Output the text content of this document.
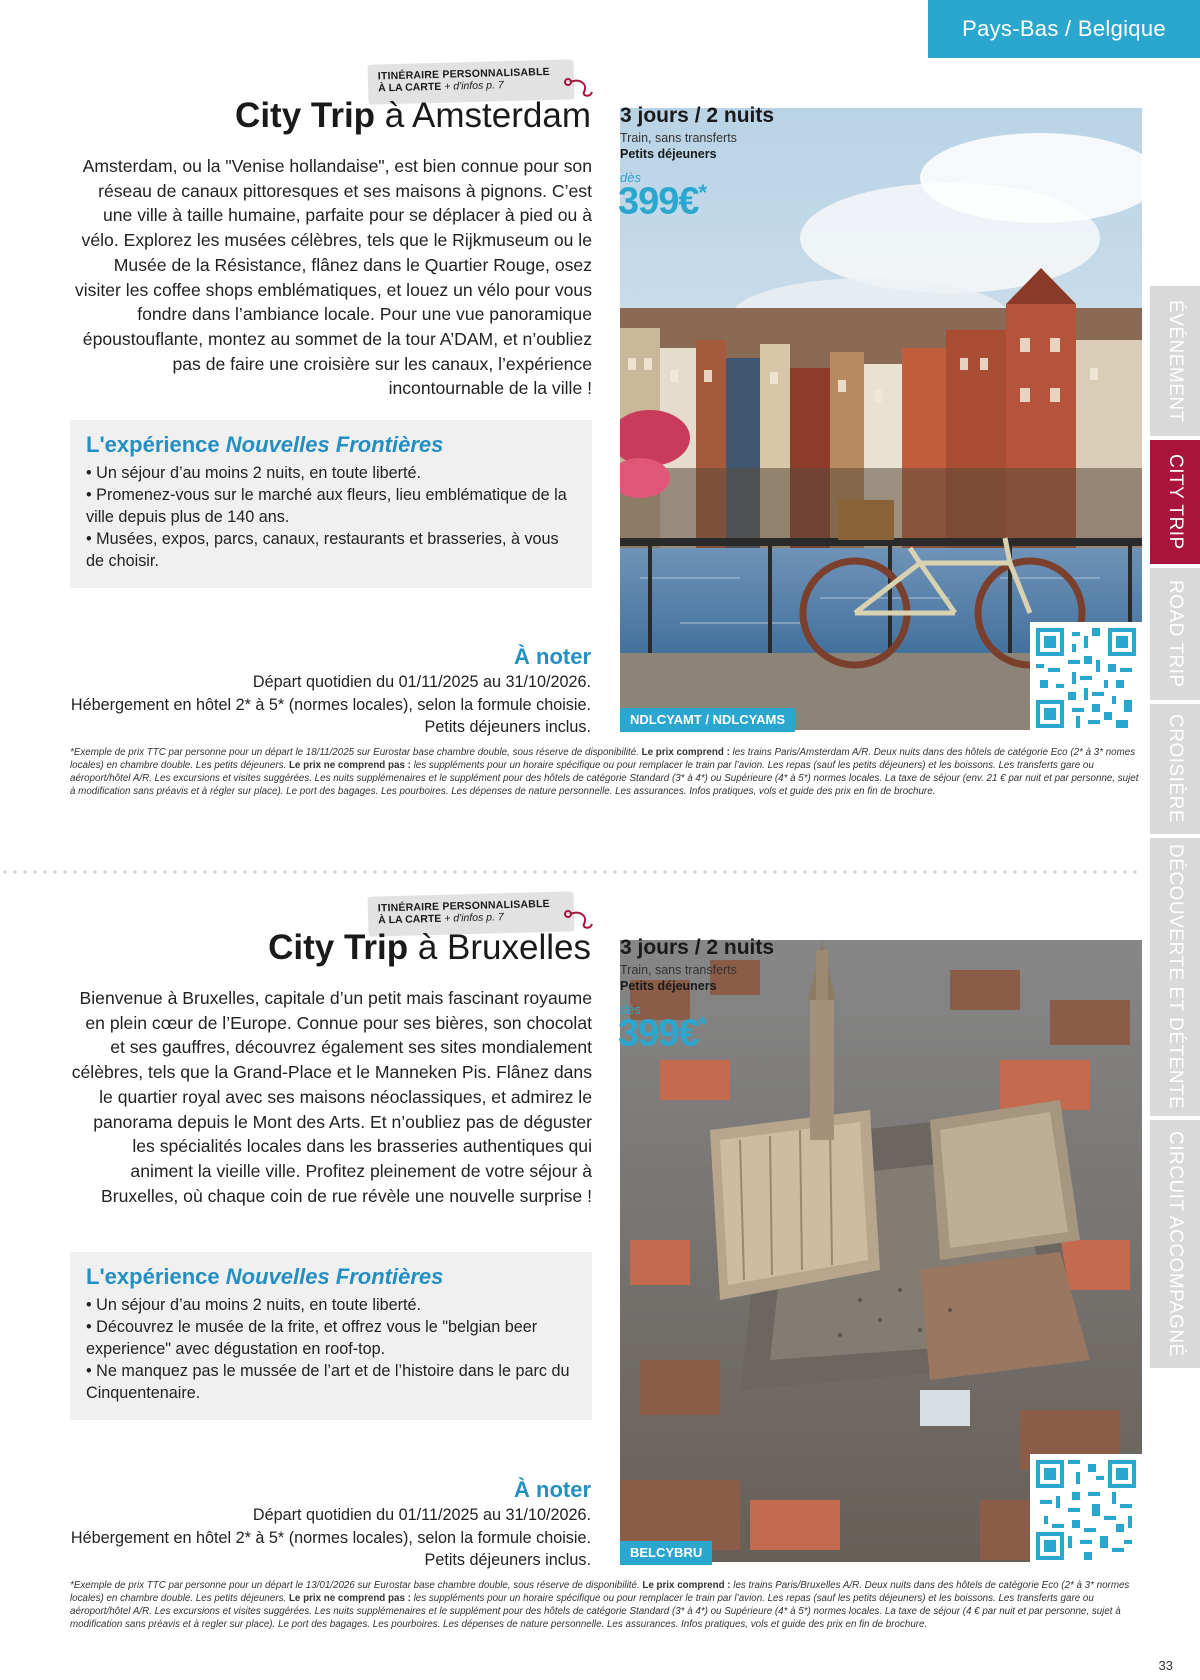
Pays-Bas / Belgique
ÉVÉNEMENT
CITY TRIP
ROAD TRIP
CROISIÈRE
DÉCOUVERTE ET DÉTENTE
CIRCUIT ACCOMPAGNÉ
ITINÉRAIRE PERSONNALISABLE
À LA CARTE + d'infos p. 7
City Trip à Amsterdam
Amsterdam, ou la "Venise hollandaise", est bien connue pour son réseau de canaux pittoresques et ses maisons à pignons. C’est une ville à taille humaine, parfaite pour se déplacer à pied ou à vélo. Explorez les musées célèbres, tels que le Rijkmuseum ou le Musée de la Résistance, flânez dans le Quartier Rouge, osez visiter les coffee shops emblématiques, et louez un vélo pour vous fondre dans l’ambiance locale. Pour une vue panoramique époustouflante, montez au sommet de la tour A’DAM, et n’oubliez pas de faire une croisière sur les canaux, l’expérience incontournable de la ville !
L'expérience Nouvelles Frontières
• Un séjour d’au moins 2 nuits, en toute liberté.
• Promenez-vous sur le marché aux fleurs, lieu emblématique de la ville depuis plus de 140 ans.
• Musées, expos, parcs, canaux, restaurants et brasseries, à vous de choisir.
À noter
Départ quotidien du 01/11/2025 au 31/10/2026.
Hébergement en hôtel 2* à 5* (normes locales), selon la formule choisie.
Petits déjeuners inclus.	NDLCYAMT / NDLCYAMS
3 jours / 2 nuits
Train, sans transferts
Petits déjeuners
dès
399€*
*Exemple de prix TTC par personne pour un départ le 18/11/2025 sur Eurostar base chambre double, sous réserve de disponibilité. Le prix comprend : les trains Paris/Amsterdam A/R. Deux nuits dans des hôtels de catégorie Eco (2* à 3* nomes locales) en chambre double. Les petits déjeuners. Le prix ne comprend pas : les suppléments pour un horaire spécifique ou pour remplacer le train par l’avion. Les repas (sauf les petits déjeuners) et les boissons. Les transferts gare ou aéroport/hôtel A/R. Les excursions et visites suggérées. Les nuits supplémenaires et le supplément pour des hôtels de catégorie Standard (3* à 4*) ou Supérieure (4* à 5*) normes locales. La taxe de séjour (env. 21 € par nuit et par personne, sujet à modification sans préavis et à régler sur place). Le port des bagages. Les pourboires. Les dépenses de nature personnelle. Les assurances. Infos pratiques, vols et guide des prix en fin de brochure.
ITINÉRAIRE PERSONNALISABLE
À LA CARTE + d'infos p. 7
City Trip à Bruxelles
Bienvenue à Bruxelles, capitale d’un petit mais fascinant royaume en plein cœur de l’Europe. Connue pour ses bières, son chocolat et ses gauffres, découvrez également ses sites mondialement célèbres, tels que la Grand-Place et le Manneken Pis. Flânez dans le quartier royal avec ses maisons néoclassiques, et admirez le panorama depuis le Mont des Arts. Et n’oubliez pas de déguster les spécialités locales dans les brasseries authentiques qui animent la vieille ville. Profitez pleinement de votre séjour à Bruxelles, où chaque coin de rue révèle une nouvelle surprise !
L'expérience Nouvelles Frontières
• Un séjour d’au moins 2 nuits, en toute liberté.
• Découvrez le musée de la frite, et offrez vous le "belgian beer experience" avec dégustation en roof-top.
• Ne manquez pas le mussée de l’art et de l’histoire dans le parc du Cinquentenaire.
À noter
Départ quotidien du 01/11/2025 au 31/10/2026.
Hébergement en hôtel 2* à 5* (normes locales), selon la formule choisie.
Petits déjeuners inclus.	BELCYBRU
3 jours / 2 nuits
Train, sans transferts
Petits déjeuners
dès
399€*
*Exemple de prix TTC par personne pour un départ le 13/01/2026 sur Eurostar base chambre double, sous réserve de disponibilité. Le prix comprend : les trains Paris/Bruxelles A/R. Deux nuits dans des hôtels de catégorie Eco (2* à 3* normes locales) en chambre double. Les petits déjeuners. Le prix ne comprend pas : les suppléments pour un horaire spécifique ou pour remplacer le train par l’avion. Les repas (sauf les petits déjeuners) et les boissons. Les transferts gare ou aéroport/hôtel A/R. Les excursions et visites suggérées. Les nuits supplémenaires et le supplément pour des hôtels de catégorie Standard (3* à 4*) ou Supérieure (4* à 5*) normes locales. La taxe de séjour (4 € par nuit et par personne, sujet à modification sans préavis et à regler sur place). Le port des bagages. Les pourboires. Les dépenses de nature personnelle. Les assurances. Infos pratiques, vols et guide des prix en fin de brochure.
33
